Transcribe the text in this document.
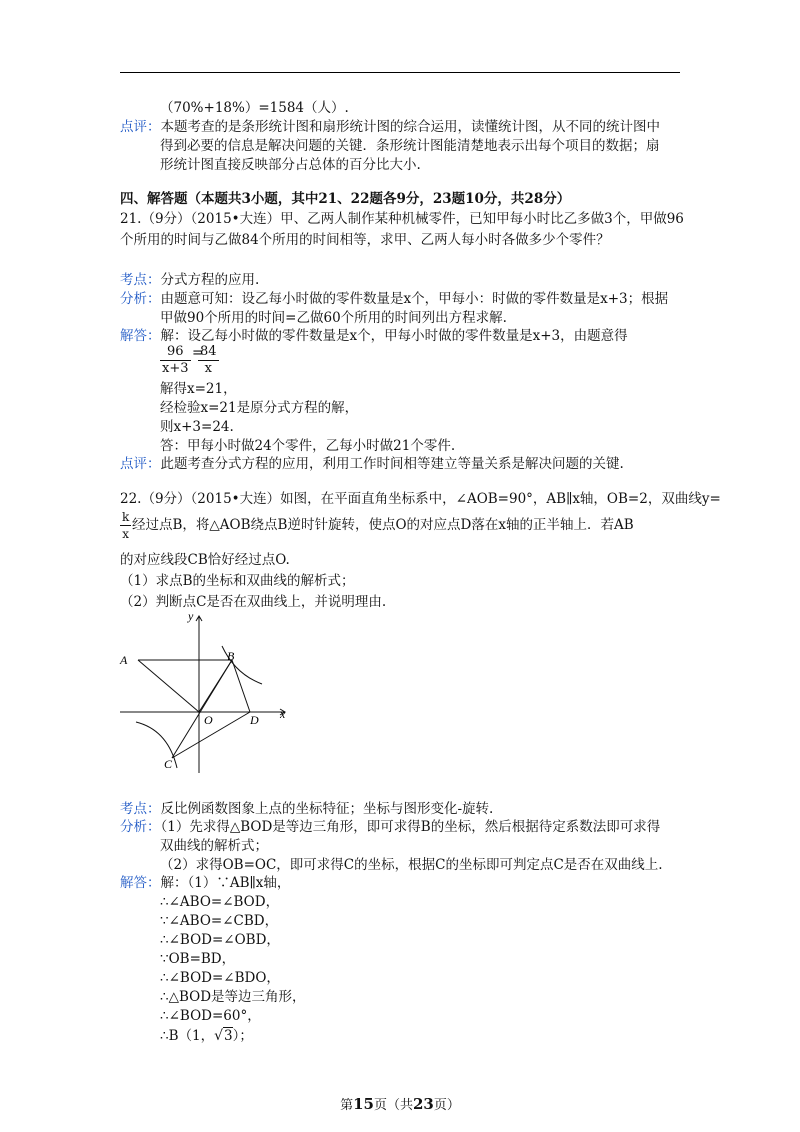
（70%+18%）=1584（人）.
点评：本题考查的是条形统计图和扇形统计图的综合运用，读懂统计图，从不同的统计图中
得到必要的信息是解决问题的关键．条形统计图能清楚地表示出每个项目的数据；扇
形统计图直接反映部分占总体的百分比大小.
四、解答题（本题共3小题，其中21、22题各9分，23题10分，共28分）
21.（9分）（2015•大连）甲、乙两人制作某种机械零件，已知甲每小时比乙多做3个，甲做96
个所用的时间与乙做84个所用的时间相等，求甲、乙两人每小时各做多少个零件？
考点：分式方程的应用.
分析：由题意可知：设乙每小时做的零件数量是x个，甲每小：时做的零件数量是x+3；根据
甲做90个所用的时间=乙做60个所用的时间列出方程求解.
解答：解：设乙每小时做的零件数量是x个，甲每小时做的零件数量是x+3，由题意得
$\frac{96}{x+3}$ =
$\frac{84}{x}$
解得x=21，
经检验x=21是原分式方程的解，
则x+3=24.
答：甲每小时做24个零件，乙每小时做21个零件.
点评：此题考查分式方程的应用，利用工作时间相等建立等量关系是解决问题的关键.
22.（9分）（2015•大连）如图，在平面直角坐标系中，∠AOB=90°，AB∥x轴，OB=2，双曲线y=
$\frac{k}{x}$ 经过点B，将△AOB绕点B逆时针旋转，使点O的对应点D落在x轴的正半轴上．若AB
的对应线段CB恰好经过点O.
（1）求点B的坐标和双曲线的解析式；
（2）判断点C是否在双曲线上，并说明理由.
y
x
A	B
O	D
C
考点：反比例函数图象上点的坐标特征；坐标与图形变化-旋转.
分析：（1）先求得△BOD是等边三角形，即可求得B的坐标，然后根据待定系数法即可求得
双曲线的解析式；
（2）求得OB=OC，即可求得C的坐标，根据C的坐标即可判定点C是否在双曲线上.
解答：解：（1）∵AB∥x轴，
∴∠ABO=∠BOD，
∵∠ABO=∠CBD，
∴∠BOD=∠OBD，
∵OB=BD，
∴∠BOD=∠BDO，
∴△BOD是等边三角形，
∴∠BOD=60°，
∴B（1，√3）；
第15页（共23页）
